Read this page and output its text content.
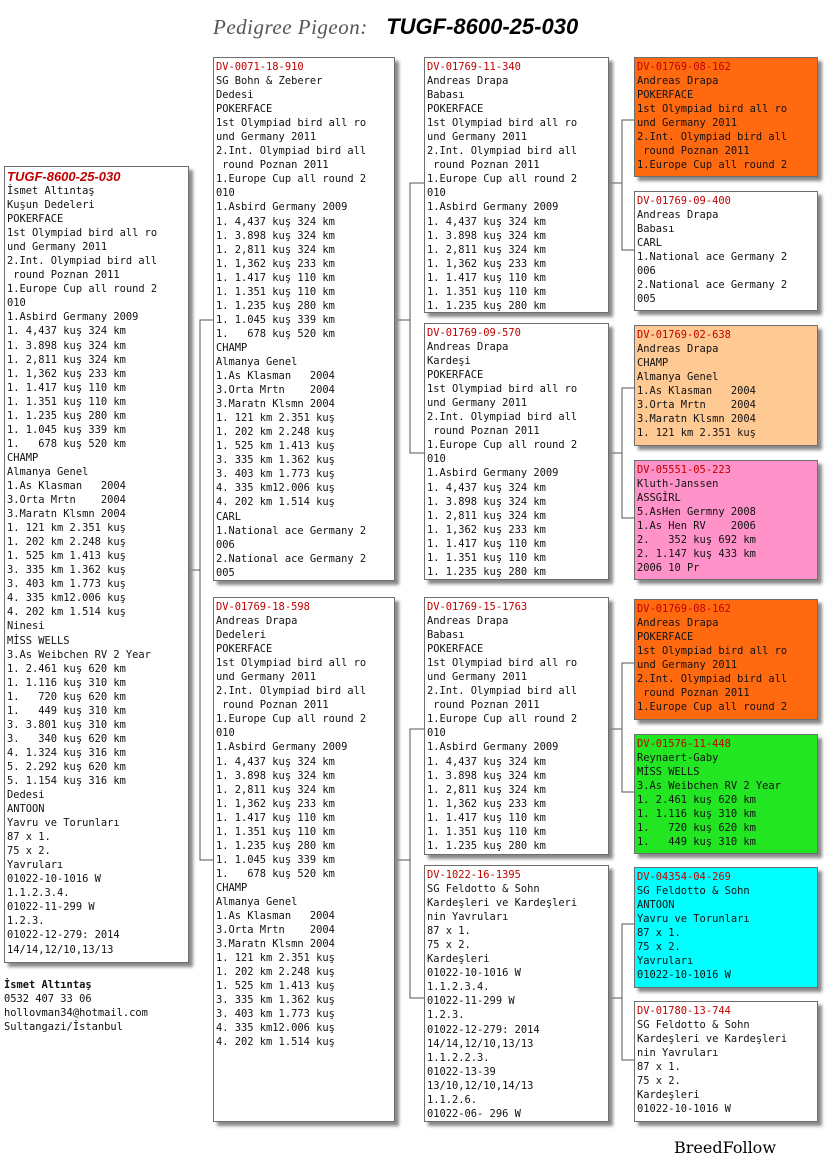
Pedigree Pigeon: TUGF-8600-25-030
TUGF-8600-25-030
İsmet Altıntaş
Kuşun Dedeleri
POKERFACE
1st Olympiad bird all ro
und Germany 2011
2.Int. Olympiad bird all
round Poznan 2011
1.Europe Cup all round 2
010
1.Asbird Germany 2009
1. 4,437 kuş 324 km
1. 3.898 kuş 324 km
1. 2,811 kuş 324 km
1. 1,362 kuş 233 km
1. 1.417 kuş 110 km
1. 1.351 kuş 110 km
1. 1.235 kuş 280 km
1. 1.045 kuş 339 km
1.   678 kuş 520 km
CHAMP
Almanya Genel
1.As Klasman   2004
3.Orta Mrtn    2004
3.Maratn Klsmn 2004
1. 121 km 2.351 kuş
1. 202 km 2.248 kuş
1. 525 km 1.413 kuş
3. 335 km 1.362 kuş
3. 403 km 1.773 kuş
4. 335 km12.006 kuş
4. 202 km 1.514 kuş
Ninesi
MİSS WELLS
3.As Weibchen RV 2 Year
1. 2.461 kuş 620 km
1. 1.116 kuş 310 km
1.   720 kuş 620 km
1.   449 kuş 310 km
3. 3.801 kuş 310 km
3.   340 kuş 620 km
4. 1.324 kuş 316 km
5. 2.292 kuş 620 km
5. 1.154 kuş 316 km
Dedesi
ANTOON
Yavru ve Torunları
87 x 1.
75 x 2.
Yavruları
01022-10-1016 W
1.1.2.3.4.
01022-11-299 W
1.2.3.
01022-12-279: 2014
14/14,12/10,13/13
DV-0071-18-910
SG Bohn & Zeberer
Dedesi
POKERFACE
1st Olympiad bird all ro
und Germany 2011
2.Int. Olympiad bird all
round Poznan 2011
1.Europe Cup all round 2
010
1.Asbird Germany 2009
1. 4,437 kuş 324 km
1. 3.898 kuş 324 km
1. 2,811 kuş 324 km
1. 1,362 kuş 233 km
1. 1.417 kuş 110 km
1. 1.351 kuş 110 km
1. 1.235 kuş 280 km
1. 1.045 kuş 339 km
1.   678 kuş 520 km
CHAMP
Almanya Genel
1.As Klasman   2004
3.Orta Mrtn    2004
3.Maratn Klsmn 2004
1. 121 km 2.351 kuş
1. 202 km 2.248 kuş
1. 525 km 1.413 kuş
3. 335 km 1.362 kuş
3. 403 km 1.773 kuş
4. 335 km12.006 kuş
4. 202 km 1.514 kuş
CARL
1.National ace Germany 2
006
2.National ace Germany 2
005
DV-01769-18-598
Andreas Drapa
Dedeleri
POKERFACE
1st Olympiad bird all ro
und Germany 2011
2.Int. Olympiad bird all
round Poznan 2011
1.Europe Cup all round 2
010
1.Asbird Germany 2009
1. 4,437 kuş 324 km
1. 3.898 kuş 324 km
1. 2,811 kuş 324 km
1. 1,362 kuş 233 km
1. 1.417 kuş 110 km
1. 1.351 kuş 110 km
1. 1.235 kuş 280 km
1. 1.045 kuş 339 km
1.   678 kuş 520 km
CHAMP
Almanya Genel
1.As Klasman   2004
3.Orta Mrtn    2004
3.Maratn Klsmn 2004
1. 121 km 2.351 kuş
1. 202 km 2.248 kuş
1. 525 km 1.413 kuş
3. 335 km 1.362 kuş
3. 403 km 1.773 kuş
4. 335 km12.006 kuş
4. 202 km 1.514 kuş
DV-01769-11-340
Andreas Drapa
Babası
POKERFACE
1st Olympiad bird all ro
und Germany 2011
2.Int. Olympiad bird all
round Poznan 2011
1.Europe Cup all round 2
010
1.Asbird Germany 2009
1. 4,437 kuş 324 km
1. 3.898 kuş 324 km
1. 2,811 kuş 324 km
1. 1,362 kuş 233 km
1. 1.417 kuş 110 km
1. 1.351 kuş 110 km
1. 1.235 kuş 280 km
DV-01769-09-570
Andreas Drapa
Kardeşi
POKERFACE
1st Olympiad bird all ro
und Germany 2011
2.Int. Olympiad bird all
round Poznan 2011
1.Europe Cup all round 2
010
1.Asbird Germany 2009
1. 4,437 kuş 324 km
1. 3.898 kuş 324 km
1. 2,811 kuş 324 km
1. 1,362 kuş 233 km
1. 1.417 kuş 110 km
1. 1.351 kuş 110 km
1. 1.235 kuş 280 km
DV-01769-15-1763
Andreas Drapa
Babası
POKERFACE
1st Olympiad bird all ro
und Germany 2011
2.Int. Olympiad bird all
round Poznan 2011
1.Europe Cup all round 2
010
1.Asbird Germany 2009
1. 4,437 kuş 324 km
1. 3.898 kuş 324 km
1. 2,811 kuş 324 km
1. 1,362 kuş 233 km
1. 1.417 kuş 110 km
1. 1.351 kuş 110 km
1. 1.235 kuş 280 km
DV-1022-16-1395
SG Feldotto & Sohn
Kardeşleri ve Kardeşleri
nin Yavruları
87 x 1.
75 x 2.
Kardeşleri
01022-10-1016 W
1.1.2.3.4.
01022-11-299 W
1.2.3.
01022-12-279: 2014
14/14,12/10,13/13
1.1.2.2.3.
01022-13-39
13/10,12/10,14/13
1.1.2.6.
01022-06- 296 W
DV-01769-08-162
Andreas Drapa
POKERFACE
1st Olympiad bird all ro
und Germany 2011
2.Int. Olympiad bird all
round Poznan 2011
1.Europe Cup all round 2
DV-01769-09-400
Andreas Drapa
Babası
CARL
1.National ace Germany 2
006
2.National ace Germany 2
005
DV-01769-02-638
Andreas Drapa
CHAMP
Almanya Genel
1.As Klasman   2004
3.Orta Mrtn    2004
3.Maratn Klsmn 2004
1. 121 km 2.351 kuş
DV-05551-05-223
Kluth-Janssen
ASSGİRL
5.AsHen Germny 2008
1.As Hen RV    2006
2.   352 kuş 692 km
2. 1.147 kuş 433 km
2006 10 Pr
DV-01769-08-162
Andreas Drapa
POKERFACE
1st Olympiad bird all ro
und Germany 2011
2.Int. Olympiad bird all
round Poznan 2011
1.Europe Cup all round 2
DV-01576-11-448
Reynaert-Gaby
MİSS WELLS
3.As Weibchen RV 2 Year
1. 2.461 kuş 620 km
1. 1.116 kuş 310 km
1.   720 kuş 620 km
1.   449 kuş 310 km
DV-04354-04-269
SG Feldotto & Sohn
ANTOON
Yavru ve Torunları
87 x 1.
75 x 2.
Yavruları
01022-10-1016 W
DV-01780-13-744
SG Feldotto & Sohn
Kardeşleri ve Kardeşleri
nin Yavruları
87 x 1.
75 x 2.
Kardeşleri
01022-10-1016 W
İsmet Altıntaş
0532 407 33 06
hollovman34@hotmail.com
Sultangazi/İstanbul
BreedFollow
